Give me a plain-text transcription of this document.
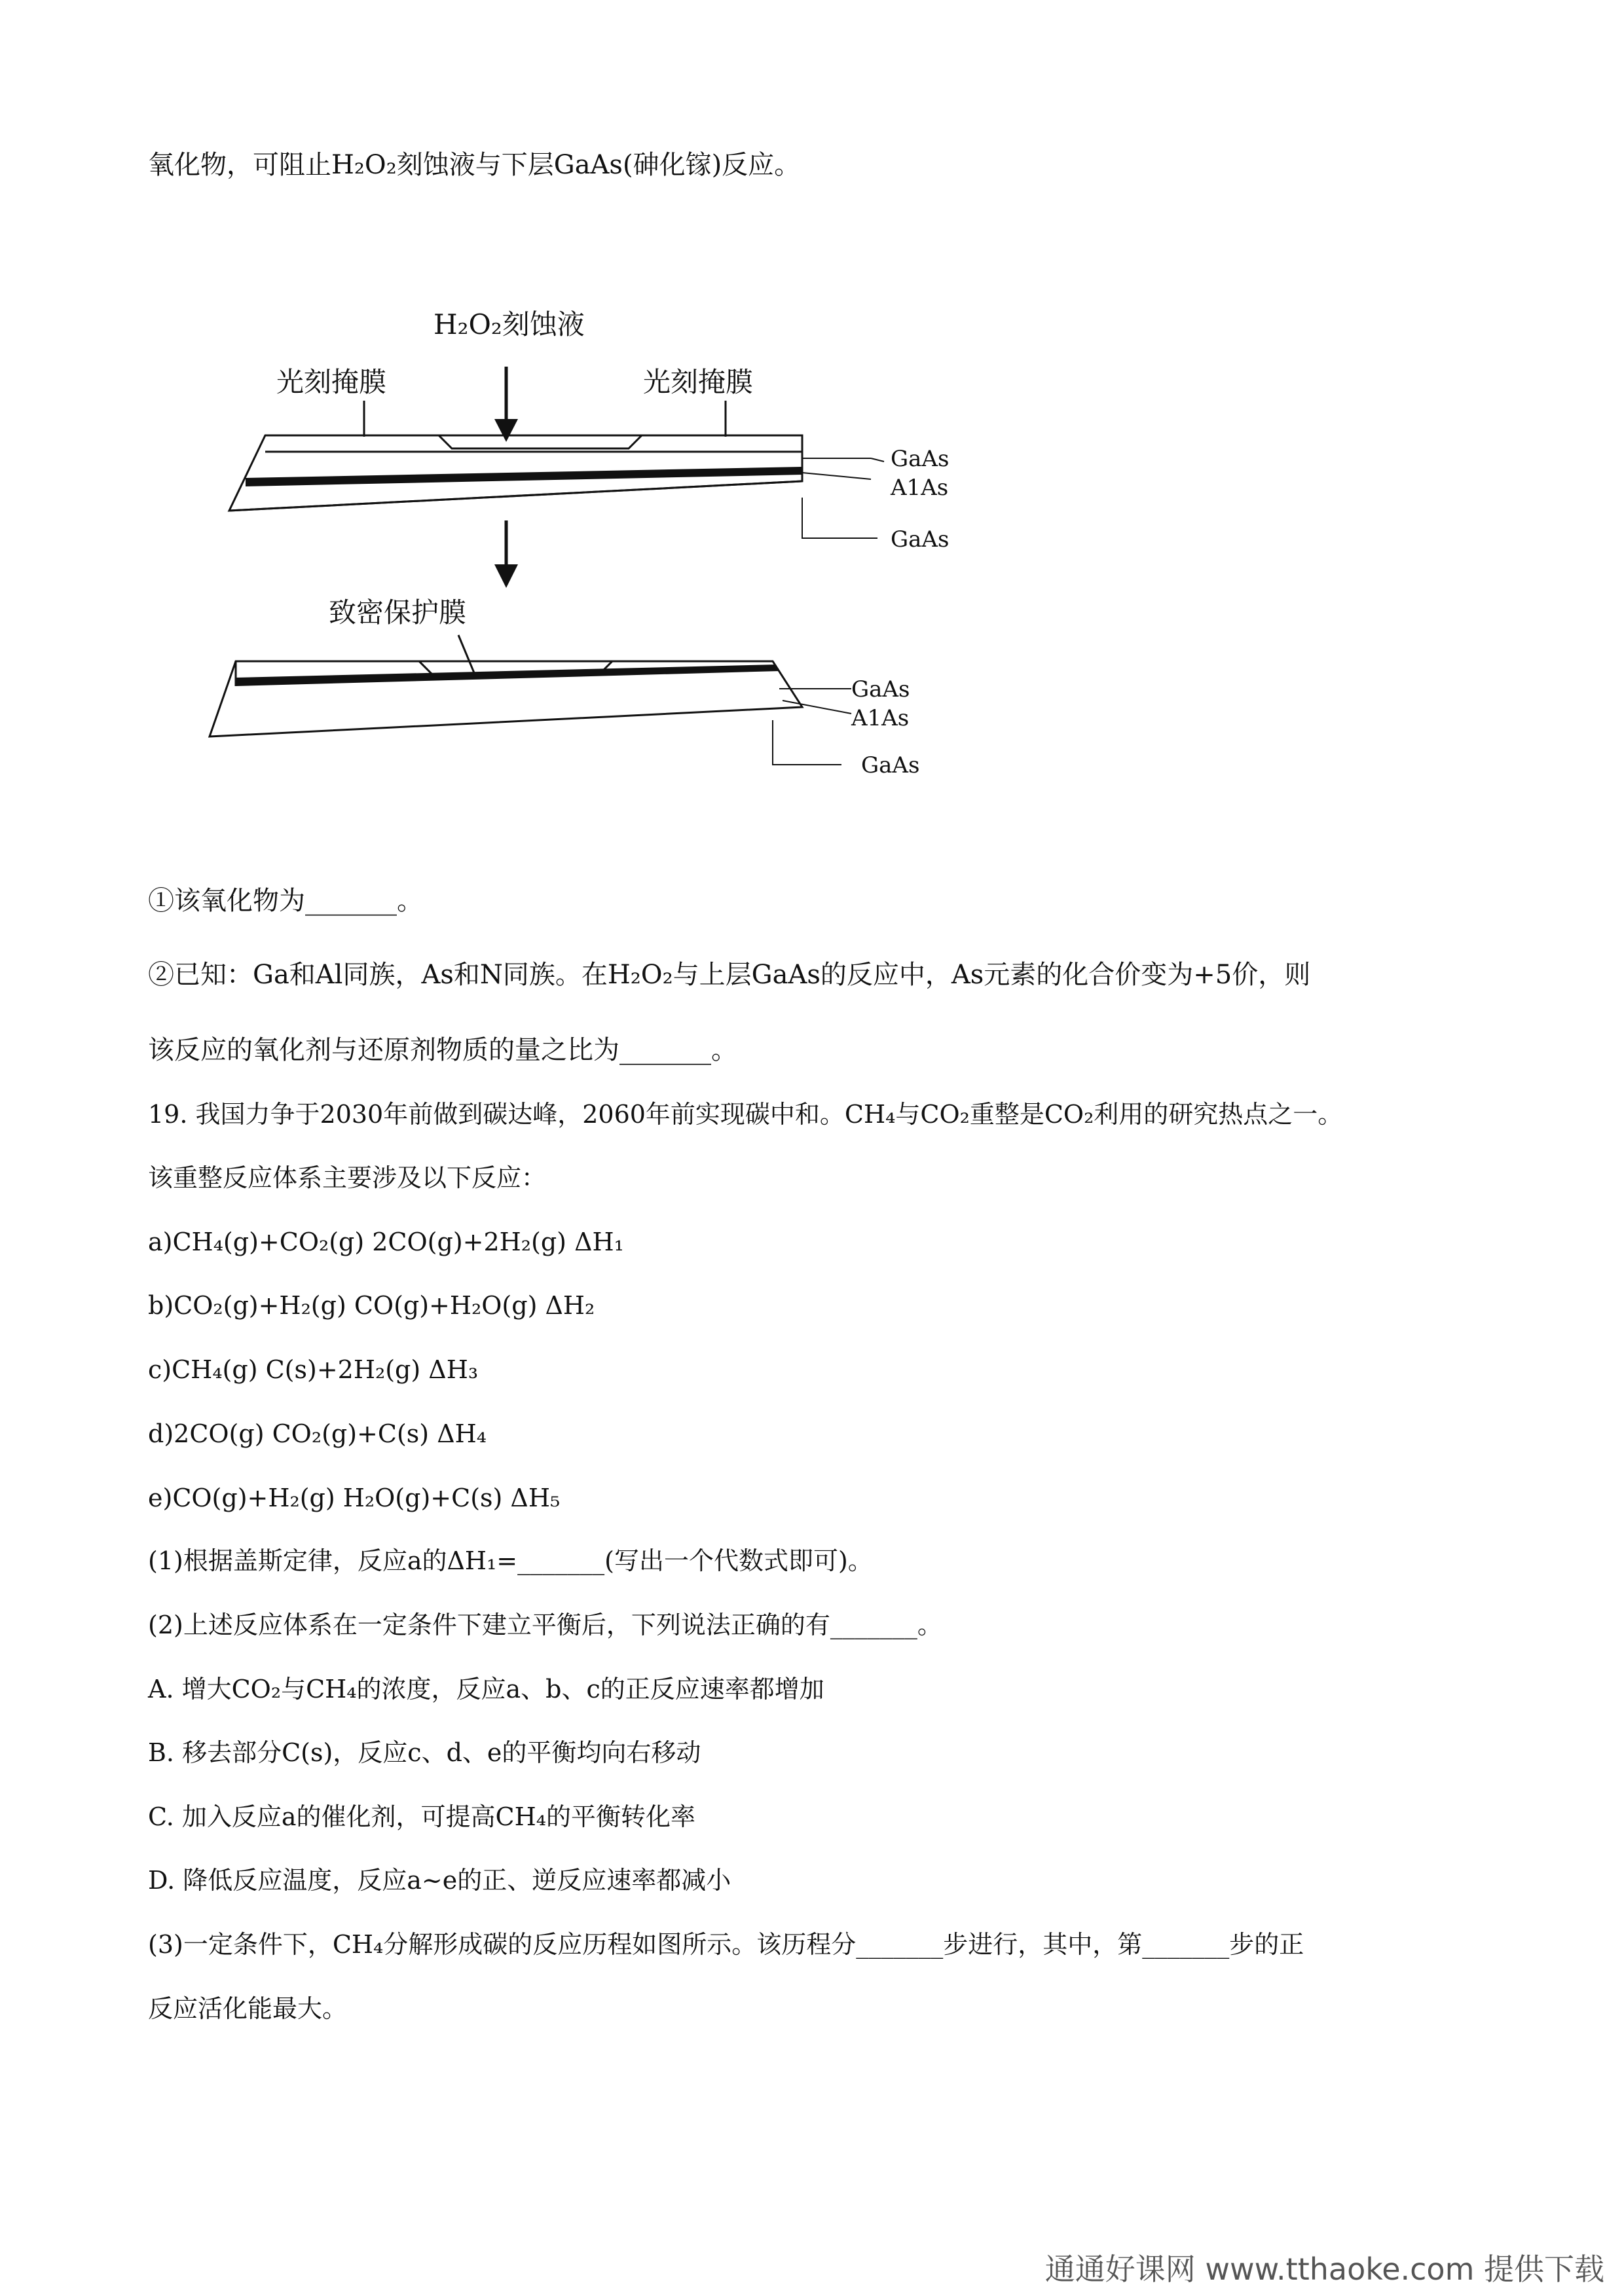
氧化物，可阻止H₂O₂刻蚀液与下层GaAs(砷化镓)反应。
H₂O₂刻蚀液
光刻掩膜	光刻掩膜
GaAs
A1As
GaAs
致密保护膜
GaAs
A1As
GaAs
①该氧化物为_______。
②已知：Ga和Al同族，As和N同族。在H₂O₂与上层GaAs的反应中，As元素的化合价变为+5价，则
该反应的氧化剂与还原剂物质的量之比为_______。
19. 我国力争于2030年前做到碳达峰，2060年前实现碳中和。CH₄与CO₂重整是CO₂利用的研究热点之一。
该重整反应体系主要涉及以下反应：
a)CH₄(g)+CO₂(g) 2CO(g)+2H₂(g) ΔH₁
b)CO₂(g)+H₂(g) CO(g)+H₂O(g) ΔH₂
c)CH₄(g) C(s)+2H₂(g) ΔH₃
d)2CO(g) CO₂(g)+C(s) ΔH₄
e)CO(g)+H₂(g) H₂O(g)+C(s) ΔH₅
(1)根据盖斯定律，反应a的ΔH₁=_______(写出一个代数式即可)。
(2)上述反应体系在一定条件下建立平衡后，下列说法正确的有_______。
A. 增大CO₂与CH₄的浓度，反应a、b、c的正反应速率都增加
B. 移去部分C(s)，反应c、d、e的平衡均向右移动
C. 加入反应a的催化剂，可提高CH₄的平衡转化率
D. 降低反应温度，反应a~e的正、逆反应速率都减小
(3)一定条件下，CH₄分解形成碳的反应历程如图所示。该历程分_______步进行，其中，第_______步的正
反应活化能最大。
通通好课网 www.tthaoke.com 提供下载
